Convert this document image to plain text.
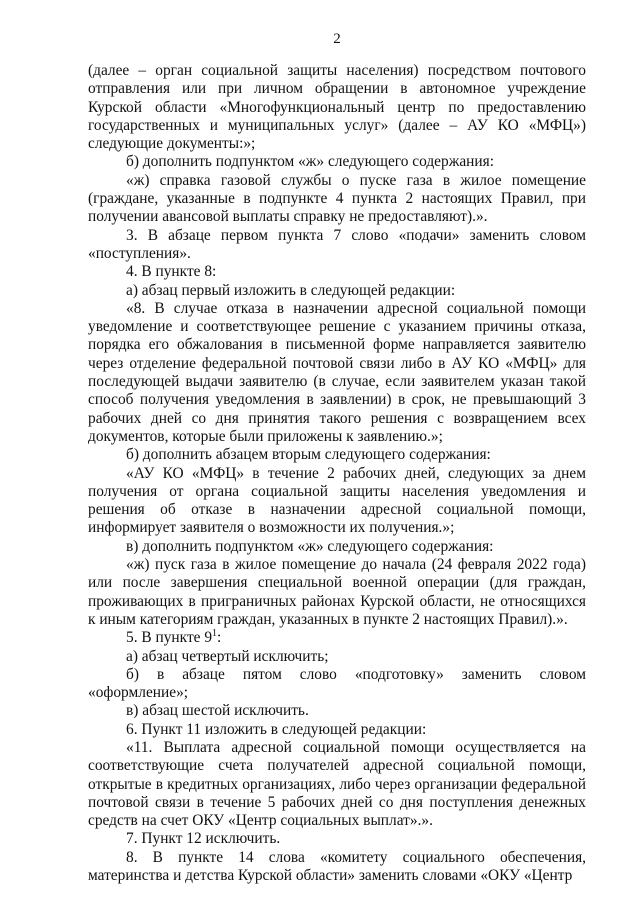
2

(далее – орган социальной защиты населения) посредством почтового отправления или при личном обращении в автономное учреждение Курской области «Многофункциональный центр по предоставлению государственных и муниципальных услуг» (далее – АУ КО «МФЦ») следующие документы:»;

б) дополнить подпунктом «ж» следующего содержания:

«ж) справка газовой службы о пуске газа в жилое помещение (граждане, указанные в подпункте 4 пункта 2 настоящих Правил, при получении авансовой выплаты справку не предоставляют).».

3. В абзаце первом пункта 7 слово «подачи» заменить словом «поступления».

4. В пункте 8:

а) абзац первый изложить в следующей редакции:

«8. В случае отказа в назначении адресной социальной помощи уведомление и соответствующее решение с указанием причины отказа, порядка его обжалования в письменной форме направляется заявителю через отделение федеральной почтовой связи либо в АУ КО «МФЦ» для последующей выдачи заявителю (в случае, если заявителем указан такой способ получения уведомления в заявлении) в срок, не превышающий 3 рабочих дней со дня принятия такого решения с возвращением всех документов, которые были приложены к заявлению.»;

б) дополнить абзацем вторым следующего содержания:

«АУ КО «МФЦ» в течение 2 рабочих дней, следующих за днем получения от органа социальной защиты населения уведомления и решения об отказе в назначении адресной социальной помощи, информирует заявителя о возможности их получения.»;

в) дополнить подпунктом «ж» следующего содержания:

«ж) пуск газа в жилое помещение до начала (24 февраля 2022 года) или после завершения специальной военной операции (для граждан, проживающих в приграничных районах Курской области, не относящихся к иным категориям граждан, указанных в пункте 2 настоящих Правил).».

5. В пункте $9^1$:

а) абзац четвертый исключить;

б) в абзаце пятом слово «подготовку» заменить словом «оформление»;

в) абзац шестой исключить.

6. Пункт 11 изложить в следующей редакции:

«11. Выплата адресной социальной помощи осуществляется на соответствующие счета получателей адресной социальной помощи, открытые в кредитных организациях, либо через организации федеральной почтовой связи в течение 5 рабочих дней со дня поступления денежных средств на счет ОКУ «Центр социальных выплат».».

7. Пункт 12 исключить.

8. В пункте 14 слова «комитету социального обеспечения, материнства и детства Курской области» заменить словами «ОКУ «Центр
